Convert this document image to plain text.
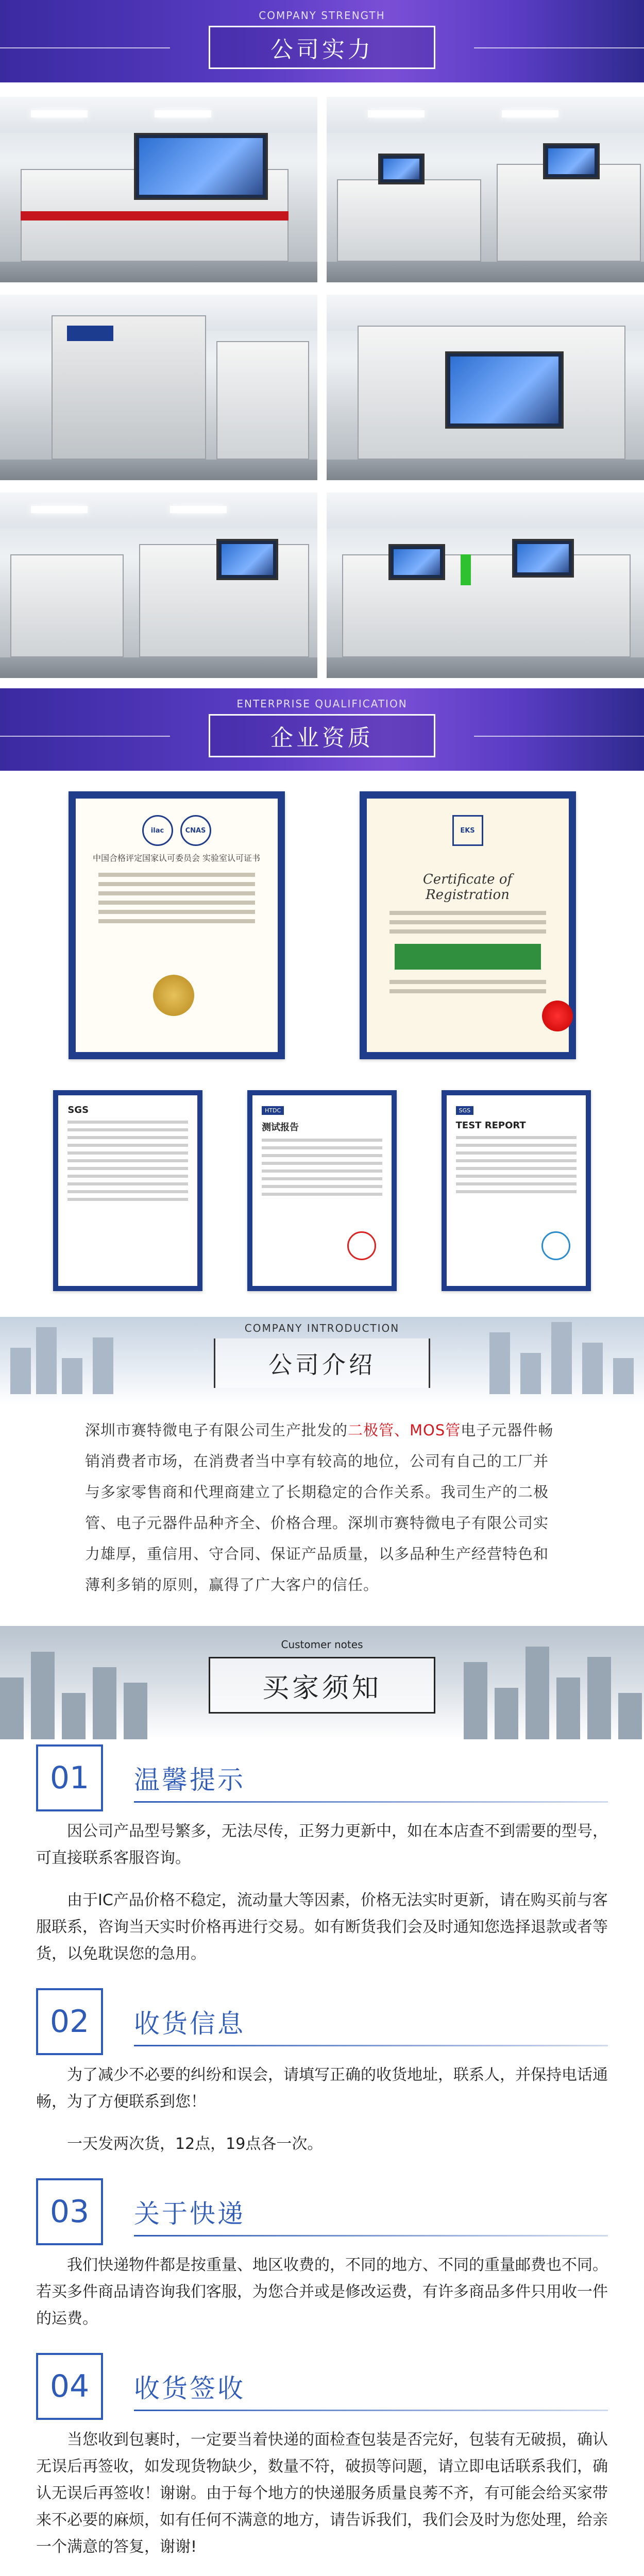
COMPANY STRENGTH
公司实力
ENTERPRISE QUALIFICATION
企业资质
ilac	CNAS
中国合格评定国家认可委员会 实验室认可证书
EKS
Certificate of Registration
SGS	HTDC
测试报告
SGS
TEST REPORT
COMPANY INTRODUCTION
公司介绍
深圳市赛特微电子有限公司生产批发的二极管、MOS管电子元器件畅销消费者市场，在消费者当中享有较高的地位，公司有自己的工厂并与多家零售商和代理商建立了长期稳定的合作关系。我司生产的二极管、电子元器件品种齐全、价格合理。深圳市赛特微电子有限公司实力雄厚，重信用、守合同、保证产品质量，以多品种生产经营特色和薄利多销的原则，赢得了广大客户的信任。
Customer notes
买家须知
01	温馨提示

因公司产品型号繁多，无法尽传，正努力更新中，如在本店查不到需要的型号，可直接联系客服咨询。

由于IC产品价格不稳定，流动量大等因素，价格无法实时更新，请在购买前与客服联系，咨询当天实时价格再进行交易。如有断货我们会及时通知您选择退款或者等货，以免耽误您的急用。

02	收货信息

为了减少不必要的纠纷和误会，请填写正确的收货地址，联系人，并保持电话通畅，为了方便联系到您！

一天发两次货，12点，19点各一次。

03	关于快递

我们快递物件都是按重量、地区收费的，不同的地方、不同的重量邮费也不同。若买多件商品请咨询我们客服，为您合并或是修改运费，有许多商品多件只用收一件的运费。

04	收货签收

当您收到包裹时，一定要当着快递的面检查包装是否完好，包装有无破损，确认无误后再签收，如发现货物缺少，数量不符，破损等问题，请立即电话联系我们，确认无误后再签收！谢谢。由于每个地方的快递服务质量良莠不齐，有可能会给买家带来不必要的麻烦，如有任何不满意的地方，请告诉我们，我们会及时为您处理，给亲一个满意的答复，谢谢!
